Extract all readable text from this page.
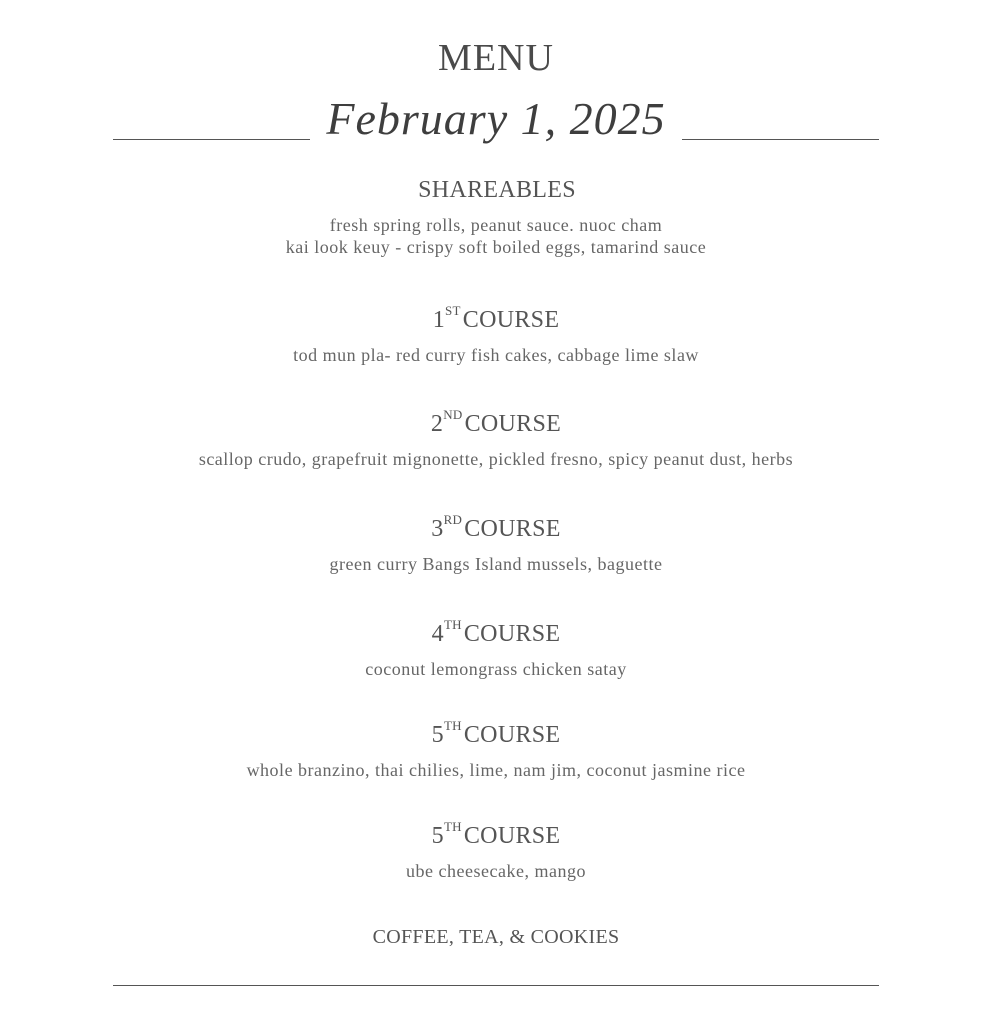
MENU
February 1, 2025
SHAREABLES
fresh spring rolls, peanut sauce. nuoc cham
kai look keuy - crispy soft boiled eggs, tamarind sauce
1STCOURSE
tod mun pla- red curry fish cakes, cabbage lime slaw
2NDCOURSE
scallop crudo, grapefruit mignonette, pickled fresno, spicy peanut dust, herbs
3RDCOURSE
green curry Bangs Island mussels, baguette
4THCOURSE
coconut lemongrass chicken satay
5THCOURSE
whole branzino, thai chilies, lime, nam jim, coconut jasmine rice
5THCOURSE
ube cheesecake, mango
COFFEE, TEA, & COOKIES
